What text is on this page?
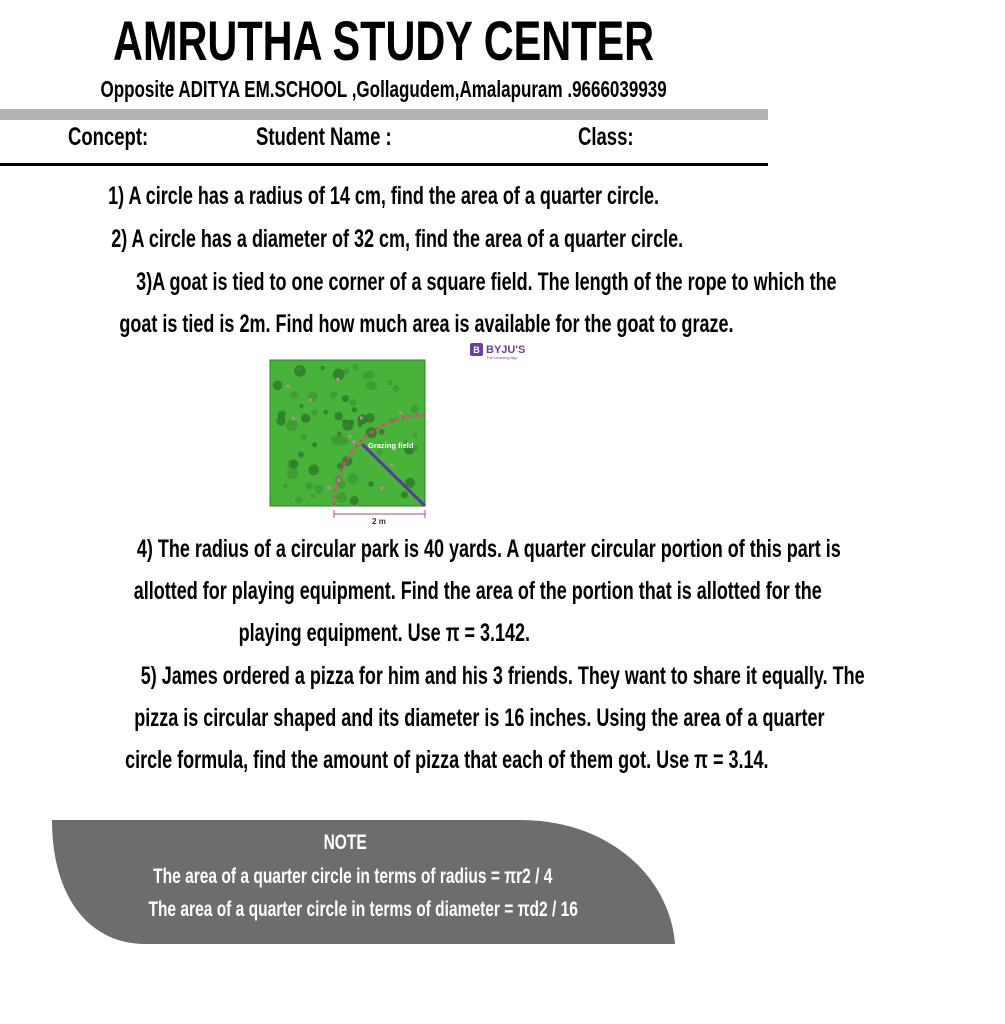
AMRUTHA STUDY CENTER
Opposite ADITYA EM.SCHOOL ,Gollagudem,Amalapuram .9666039939
Concept:	Student Name :	Class:
1) A circle has a radius of 14 cm, find the area of a quarter circle.
2) A circle has a diameter of 32 cm, find the area of a quarter circle.
3)A goat is tied to one corner of a square field. The length of the rope to which the
goat is tied is 2m. Find how much area is available for the goat to graze.
B BYJU'S
The Learning App
Grazing field
2 m
4) The radius of a circular park is 40 yards. A quarter circular portion of this part is
allotted for playing equipment. Find the area of the portion that is allotted for the
playing equipment. Use π = 3.142.
5) James ordered a pizza for him and his 3 friends. They want to share it equally. The
pizza is circular shaped and its diameter is 16 inches. Using the area of a quarter
circle formula, find the amount of pizza that each of them got. Use π = 3.14.
NOTE
The area of a quarter circle in terms of radius = πr2 / 4
The area of a quarter circle in terms of diameter = πd2 / 16
